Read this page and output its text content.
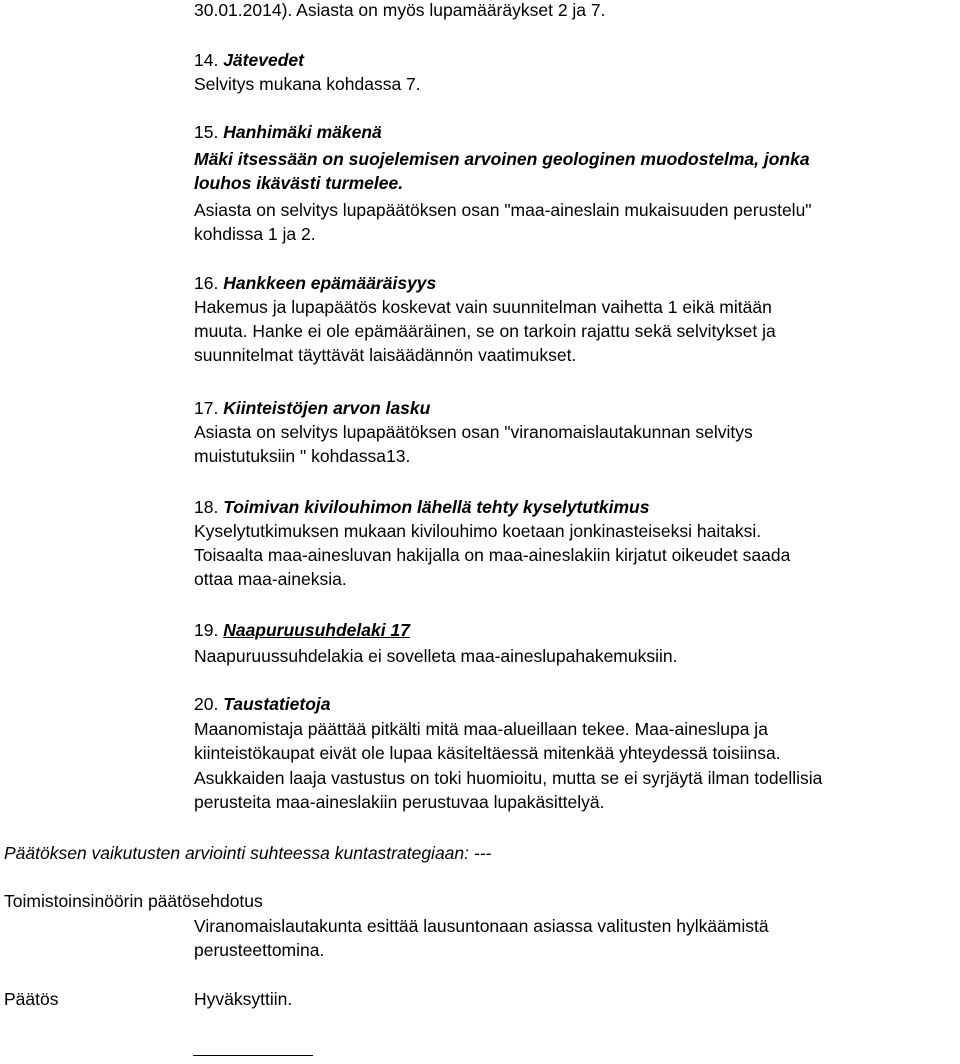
30.01.2014). Asiasta on myös lupamääräykset 2 ja 7.
14. Jätevedet
Selvitys mukana kohdassa 7.
15. Hanhimäki mäkenä
Mäki itsessään on suojelemisen arvoinen geologinen muodostelma, jonka
louhos ikävästi turmelee.
Asiasta on selvitys lupapäätöksen osan "maa-aineslain mukaisuuden perustelu"
kohdissa 1 ja 2.
16. Hankkeen epämääräisyys
Hakemus ja lupapäätös koskevat vain suunnitelman vaihetta 1 eikä mitään
muuta. Hanke ei ole epämääräinen, se on tarkoin rajattu sekä selvitykset ja
suunnitelmat täyttävät laisäädännön vaatimukset.
17. Kiinteistöjen arvon lasku
Asiasta on selvitys lupapäätöksen osan "viranomaislautakunnan selvitys
muistutuksiin " kohdassa13.
18. Toimivan kivilouhimon lähellä tehty kyselytutkimus
Kyselytutkimuksen mukaan kivilouhimo koetaan jonkinasteiseksi haitaksi.
Toisaalta maa-ainesluvan hakijalla on maa-aineslakiin kirjatut oikeudet saada
ottaa maa-aineksia.
19. Naapuruusuhdelaki 17
Naapuruussuhdelakia ei sovelleta maa-aineslupahakemuksiin.
20. Taustatietoja
Maanomistaja päättää pitkälti mitä maa-alueillaan tekee. Maa-aineslupa ja
kiinteistökaupat eivät ole lupaa käsiteltäessä mitenkää yhteydessä toisiinsa.
Asukkaiden laaja vastustus on toki huomioitu, mutta se ei syrjäytä ilman todellisia
perusteita maa-aineslakiin perustuvaa lupakäsittelyä.
Päätöksen vaikutusten arviointi suhteessa kuntastrategiaan: ---
Toimistoinsinöörin päätösehdotus
Viranomaislautakunta esittää lausuntonaan asiassa valitusten hylkäämistä
perusteettomina.
Päätös	Hyväksyttiin.
